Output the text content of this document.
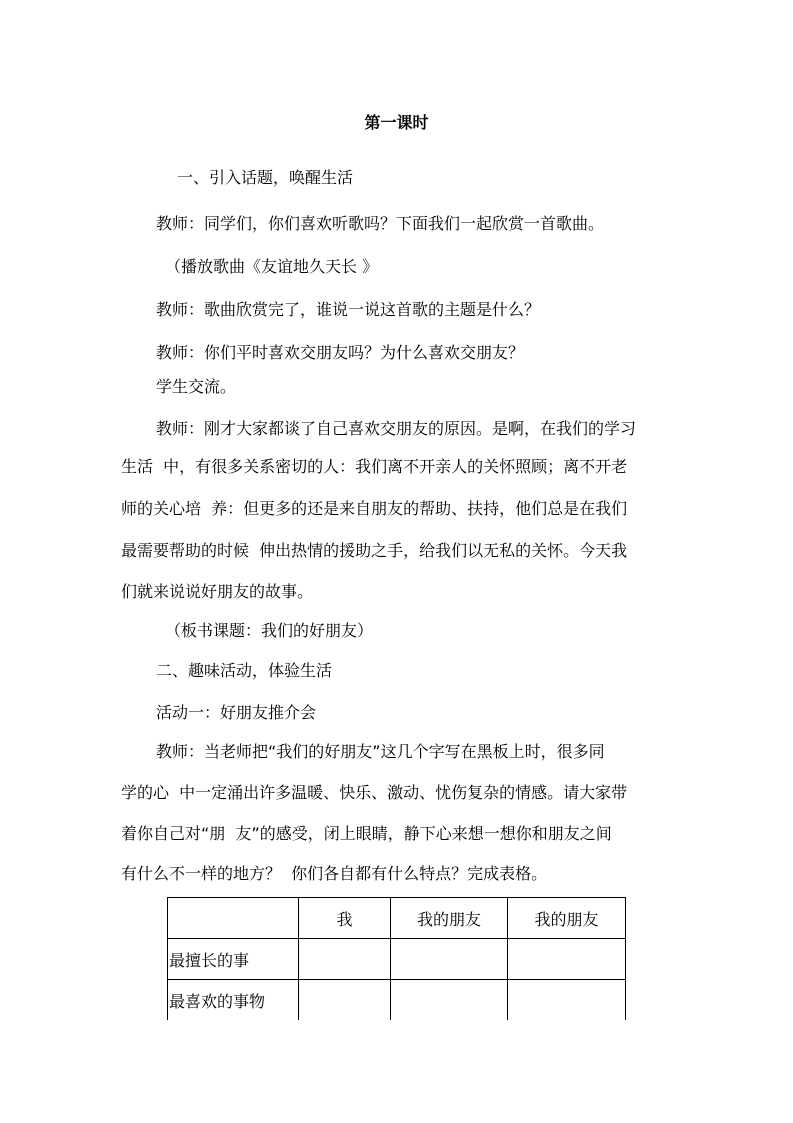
第一课时
一、引入话题，唤醒生活
教师：同学们，你们喜欢听歌吗？下面我们一起欣赏一首歌曲。
（播放歌曲《友谊地久天长 》
教师：歌曲欣赏完了，谁说一说这首歌的主题是什么？
教师：你们平时喜欢交朋友吗？为什么喜欢交朋友？
学生交流。
教师：刚才大家都谈了自己喜欢交朋友的原因。是啊，在我们的学习
生活  中，有很多关系密切的人：我们离不开亲人的关怀照顾；离不开老
师的关心培  养：但更多的还是来自朋友的帮助、扶持，他们总是在我们
最需要帮助的时候  伸出热情的援助之手，给我们以无私的关怀。今天我
们就来说说好朋友的故事。
（板书课题：我们的好朋友）
二、趣味活动，体验生活
活动一：好朋友推介会
教师：当老师把“我们的好朋友”这几个字写在黑板上时，很多同
学的心  中一定涌出许多温暖、快乐、激动、忧伤复杂的情感。请大家带
着你自己对“朋  友”的感受，闭上眼睛，静下心来想一想你和朋友之间
有什么不一样的地方？  你们各自都有什么特点？完成表格。
	我	我的朋友	我的朋友
最擅长的事			
最喜欢的事物			
